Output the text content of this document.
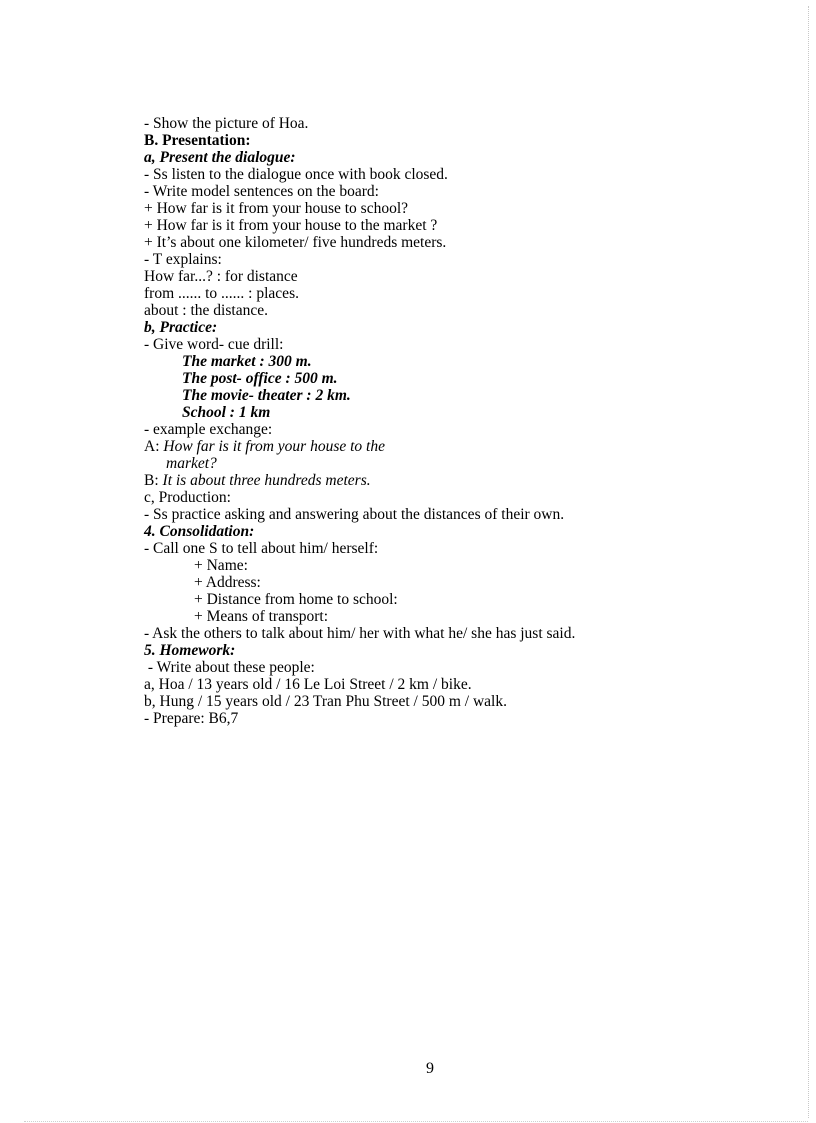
- Show the picture of Hoa.
B. Presentation:
a, Present the dialogue:
- Ss listen to the dialogue once with book closed.
- Write model sentences on the board:
+ How far is it from your house to school?
+ How far is it from your house to the market ?
+ It’s about one kilometer/ five hundreds meters.
- T explains:
How far...? : for distance
from ...... to ...... : places.
about : the distance.
b, Practice:
- Give word- cue drill:
The market : 300 m.
The post- office : 500 m.
The movie- theater : 2 km.
School : 1 km
- example exchange:
A: How far is it from your house to the
market?
B: It is about three hundreds meters.
c, Production:
- Ss practice asking and answering about the distances of their own.
4. Consolidation:
- Call one S to tell about him/ herself:
+ Name:
+ Address:
+ Distance from home to school:
+ Means of transport:
- Ask the others to talk about him/ her with what he/ she has just said.
5. Homework:
- Write about these people:
a, Hoa / 13 years old / 16 Le Loi Street / 2 km / bike.
b, Hung / 15 years old / 23 Tran Phu Street / 500 m / walk.
- Prepare: B6,7
9
